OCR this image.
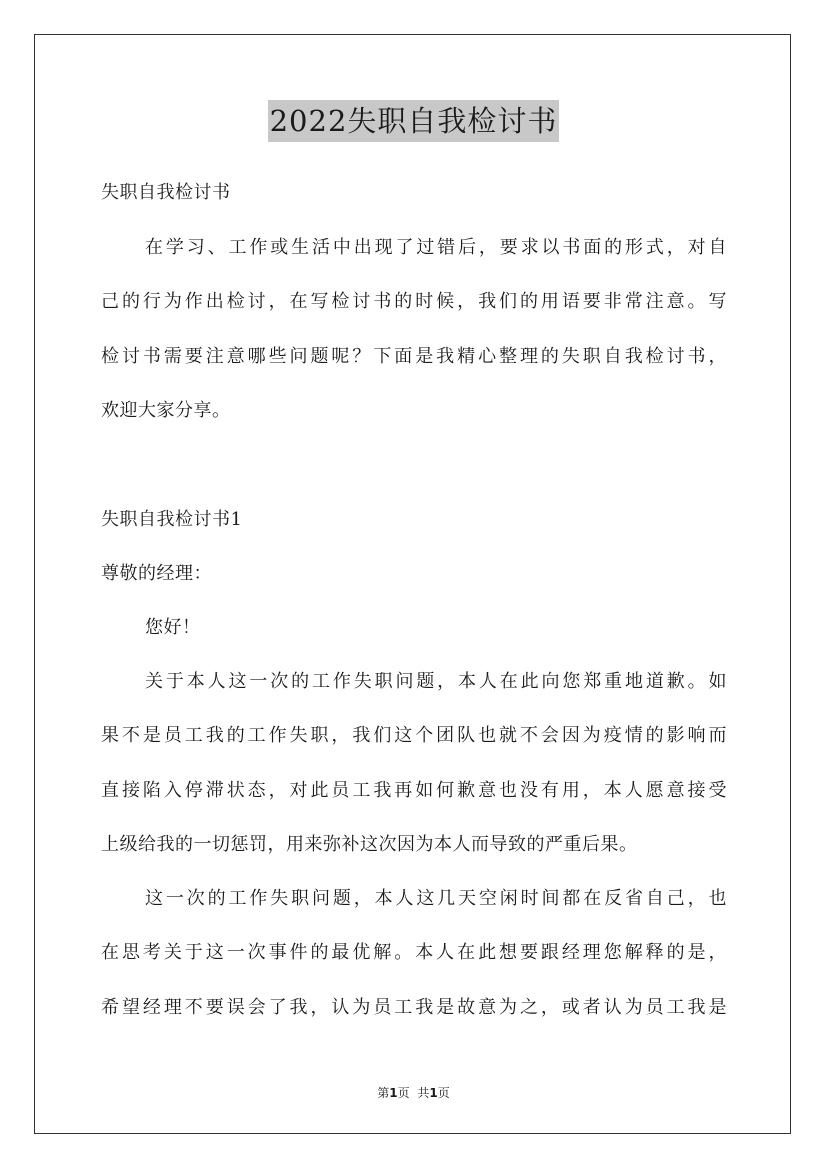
2022失职自我检讨书
失职自我检讨书
在学习、工作或生活中出现了过错后，要求以书面的形式，对自
己的行为作出检讨，在写检讨书的时候，我们的用语要非常注意。写
检讨书需要注意哪些问题呢？下面是我精心整理的失职自我检讨书，
欢迎大家分享。
失职自我检讨书1
尊敬的经理：
您好！
关于本人这一次的工作失职问题，本人在此向您郑重地道歉。如
果不是员工我的工作失职，我们这个团队也就不会因为疫情的影响而
直接陷入停滞状态，对此员工我再如何歉意也没有用，本人愿意接受
上级给我的一切惩罚，用来弥补这次因为本人而导致的严重后果。
这一次的工作失职问题，本人这几天空闲时间都在反省自己，也
在思考关于这一次事件的最优解。本人在此想要跟经理您解释的是，
希望经理不要误会了我，认为员工我是故意为之，或者认为员工我是
第1页 共1页
